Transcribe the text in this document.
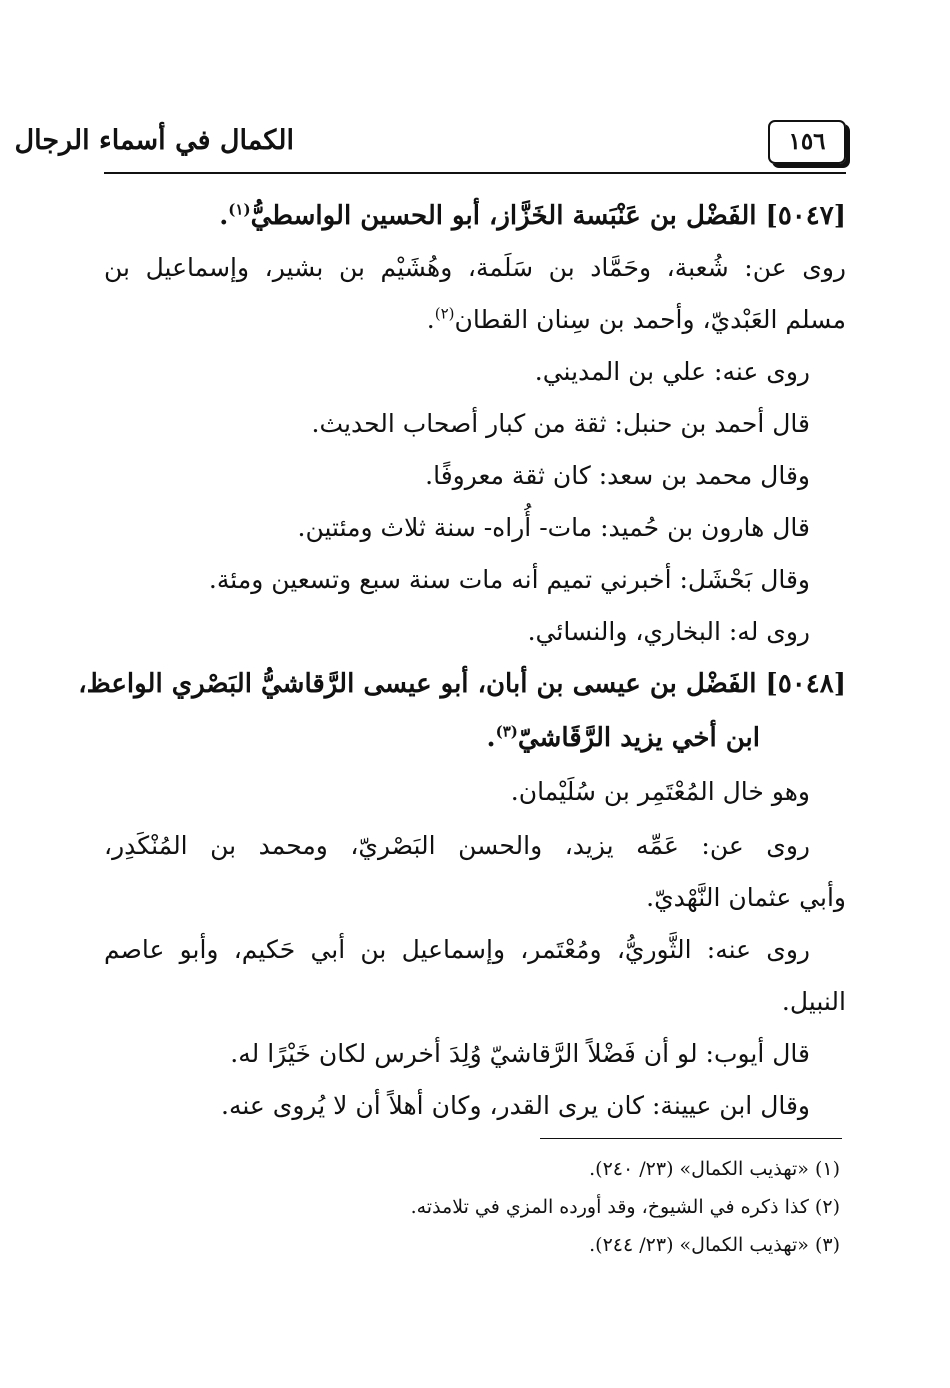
الكمال في أسماء الرجال	١٥٦
[٥٠٤٧] الفَضْل بن عَنْبَسة الخَزَّاز، أبو الحسين الواسطيُّ$^{(١)}$.
روى عن: شُعبة، وحَمَّاد بن سَلَمة، وهُشَيْم بن بشير، وإسماعيل بن
مسلم العَبْديّ، وأحمد بن سِنان القطان$^{(٢)}$.
روى عنه: علي بن المديني.
قال أحمد بن حنبل: ثقة من كبار أصحاب الحديث.
وقال محمد بن سعد: كان ثقة معروفًا.
قال هارون بن حُميد: مات- أُراه- سنة ثلاث ومئتين.
وقال بَحْشَل: أخبرني تميم أنه مات سنة سبع وتسعين ومئة.
روى له: البخاري، والنسائي.
[٥٠٤٨] الفَضْل بن عيسى بن أبان، أبو عيسى الرَّقاشيُّ البَصْري الواعظ،
ابن أخي يزيد الرَّقَاشيّ$^{(٣)}$.
وهو خال المُعْتَمِر بن سُلَيْمان.
روى عن: عَمِّه يزيد، والحسن البَصْريّ، ومحمد بن المُنْكَدِر،
وأبي عثمان النَّهْديّ.
روى عنه: الثَّوريُّ، ومُعْتَمر، وإسماعيل بن أبي حَكيم، وأبو عاصم
النبيل.
قال أيوب: لو أن فَضْلاً الرَّقاشيّ وُلِدَ أخرس لكان خَيْرًا له.
وقال ابن عيينة: كان يرى القدر، وكان أهلاً أن لا يُروى عنه.
(١) «تهذيب الكمال» (٢٣/ ٢٤٠).
(٢) كذا ذكره في الشيوخ، وقد أورده المزي في تلامذته.
(٣) «تهذيب الكمال» (٢٣/ ٢٤٤).
